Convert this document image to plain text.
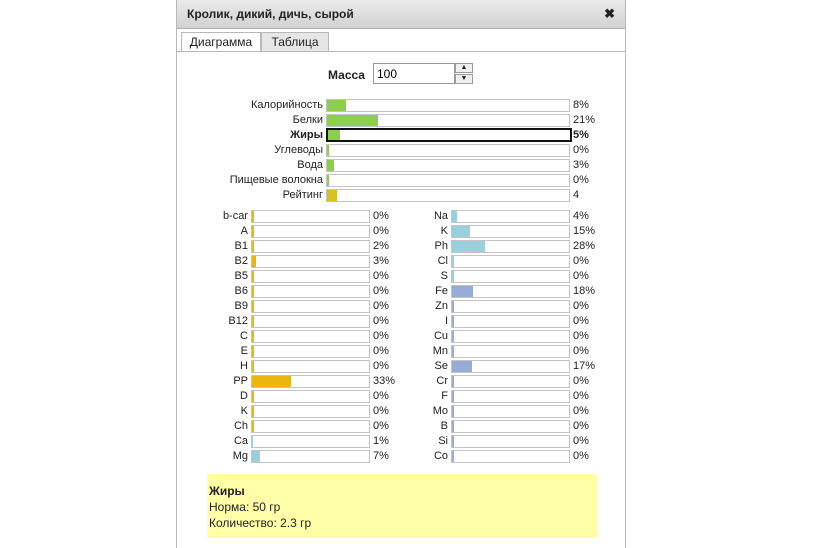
Кролик, дикий, дичь, сырой	✖
Диаграмма	Таблица
Масса
100
▲
▼
Калорийность	8%
Белки	21%
Жиры	5%
Углеводы	0%
Вода	3%
Пищевые волокна	0%
Рейтинг	4
b-car	0%
A	0%
B1	2%
B2	3%
B5	0%
B6	0%
B9	0%
B12	0%
C	0%
E	0%
H	0%
PP	33%
D	0%
K	0%
Ch	0%
Ca	1%
Mg	7%
Na	4%
K	15%
Ph	28%
Cl	0%
S	0%
Fe	18%
Zn	0%
I	0%
Cu	0%
Mn	0%
Se	17%
Cr	0%
F	0%
Mo	0%
B	0%
Si	0%
Co	0%
Жиры
Норма: 50 гр
Количество: 2.3 гр
